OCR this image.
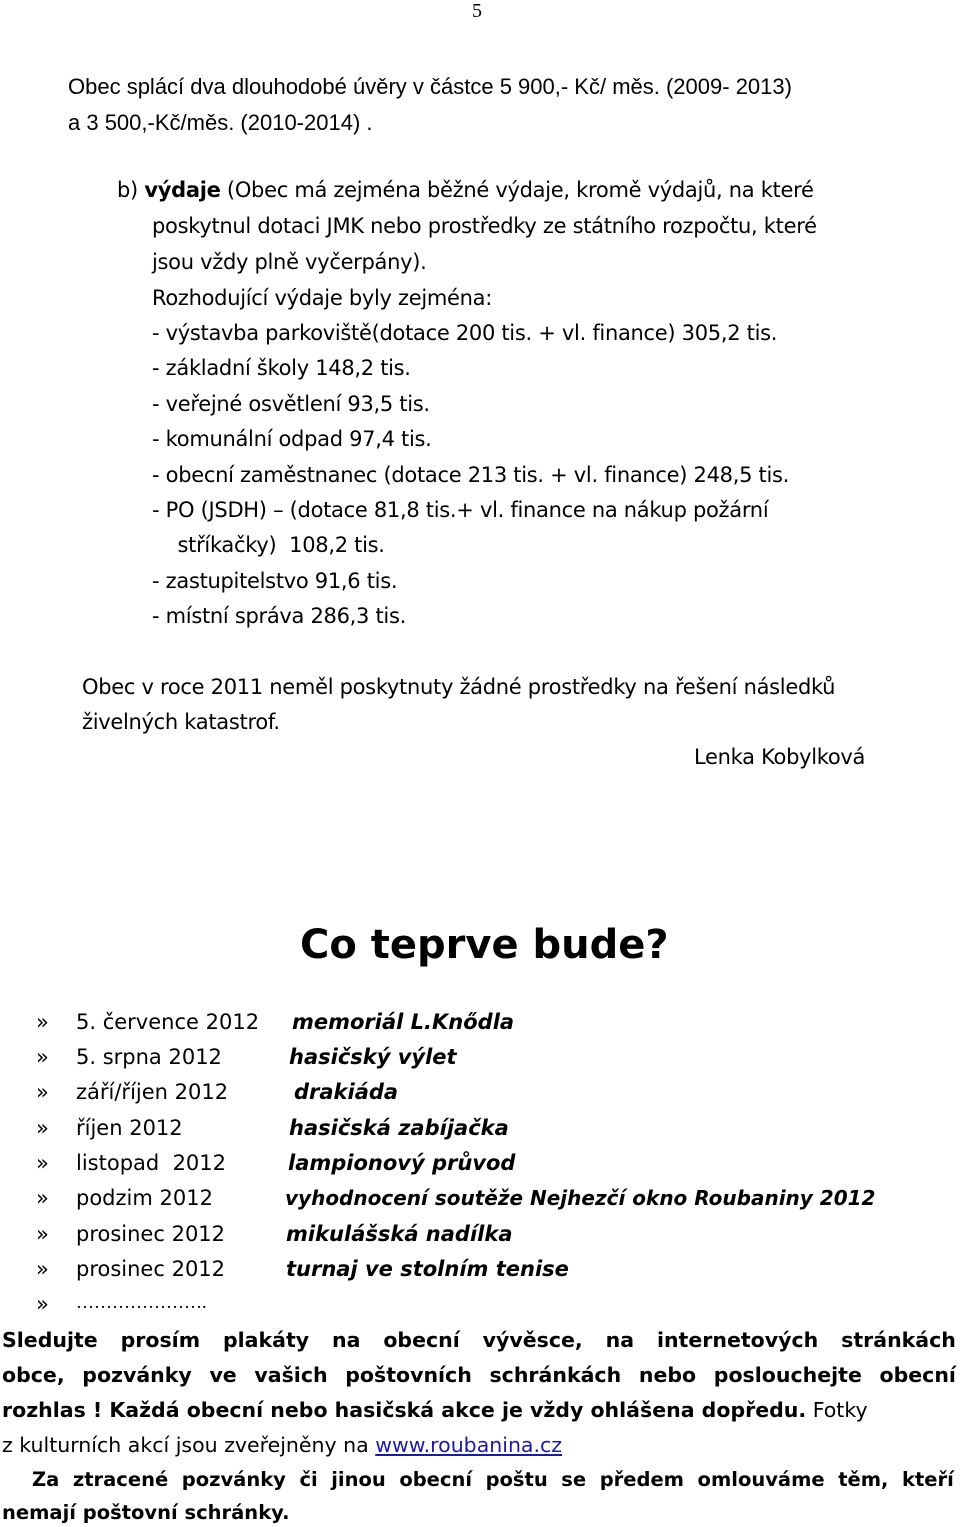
5
Obec splácí dva dlouhodobé úvěry v částce 5 900,- Kč/ měs. (2009- 2013)
a 3 500,-Kč/měs. (2010-2014) .
b) výdaje (Obec má zejména běžné výdaje, kromě výdajů, na které
poskytnul dotaci JMK nebo prostředky ze státního rozpočtu, které
jsou vždy plně vyčerpány).
Rozhodující výdaje byly zejména:
- výstavba parkoviště(dotace 200 tis. + vl. finance) 305,2 tis.
- základní školy 148,2 tis.
- veřejné osvětlení 93,5 tis.
- komunální odpad 97,4 tis.
- obecní zaměstnanec (dotace 213 tis. + vl. finance) 248,5 tis.
- PO (JSDH) – (dotace 81,8 tis.+ vl. finance na nákup požární
stříkačky)  108,2 tis.
- zastupitelstvo 91,6 tis.
- místní správa 286,3 tis.
Obec v roce 2011 neměl poskytnuty žádné prostředky na řešení následků
živelných katastrof.
Lenka Kobylková
Co teprve bude?
» 5. července 2012 memoriál L.Knődla
» 5. srpna 2012	hasičský výlet
» září/říjen 2012	drakiáda
» říjen 2012	hasičská zabíjačka
» listopad  2012	lampionový průvod
» podzim 2012	vyhodnocení soutěže Nejhezčí okno Roubaniny 2012
» prosinec 2012	mikulášská nadílka
» prosinec 2012	turnaj ve stolním tenise
» ………………….
Sledujte prosím plakáty na obecní vývěsce, na internetových stránkách
obce, pozvánky ve vašich poštovních schránkách nebo poslouchejte obecní
rozhlas ! Každá obecní nebo hasičská akce je vždy ohlášena dopředu. Fotky
z kulturních akcí jsou zveřejněny na www.roubanina.cz
Za ztracené pozvánky či jinou obecní poštu se předem omlouváme těm, kteří
nemají poštovní schránky.
